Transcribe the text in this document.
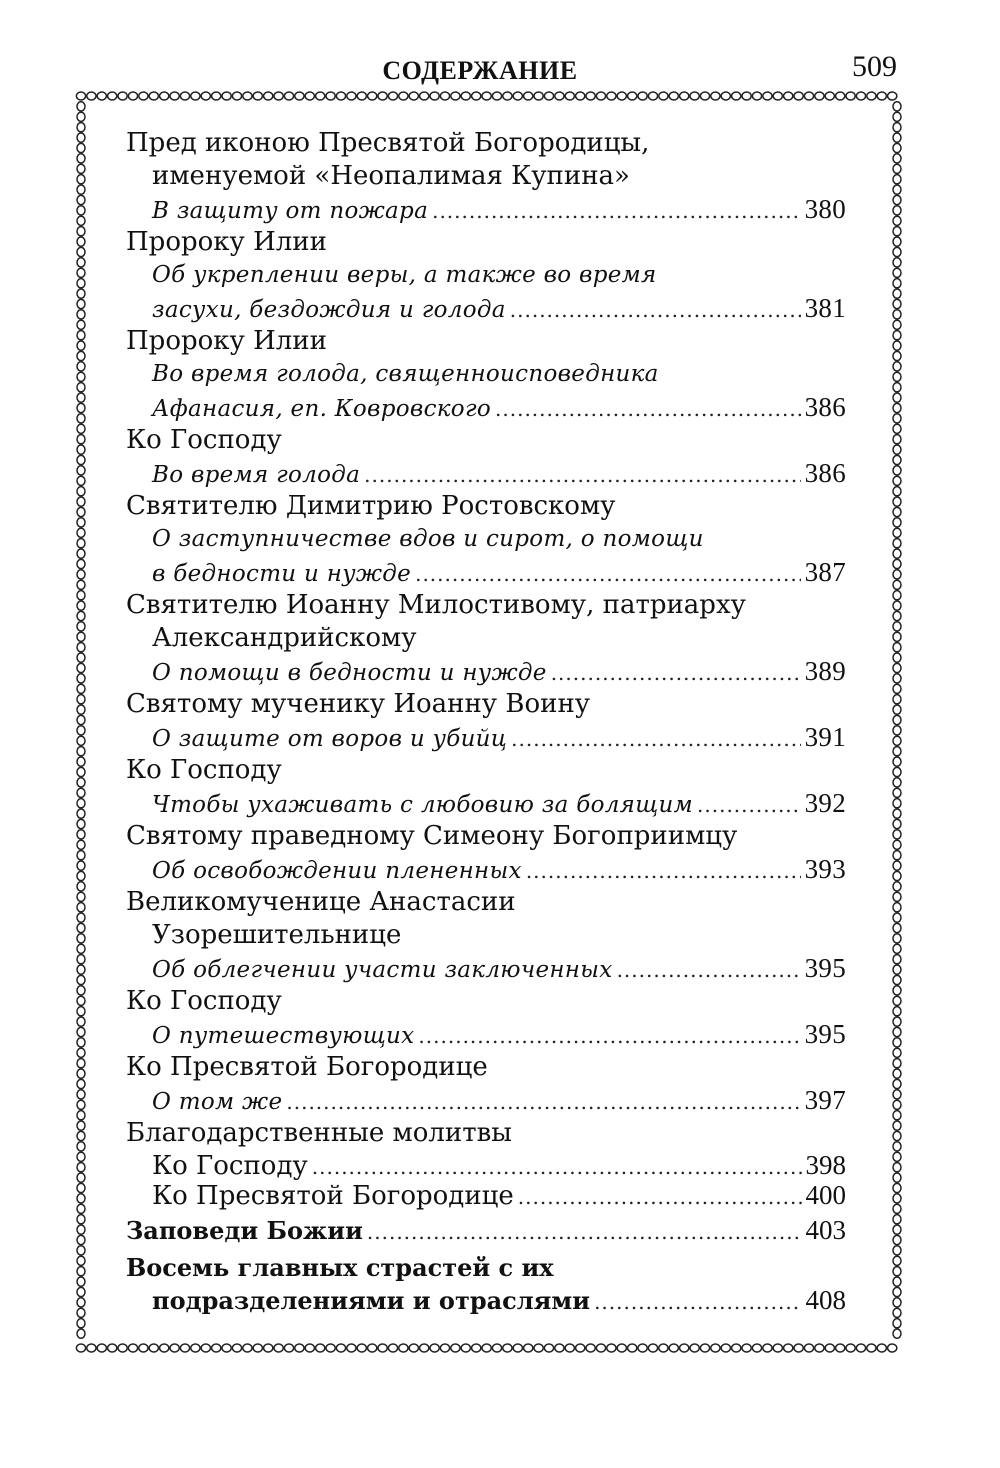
СОДЕРЖАНИЕ	509
Пред иконою Пресвятой Богородицы,
именуемой «Неопалимая Купина»
В защиту от пожара .....	380
Пророку Илии
Об укреплении веры, а также во время
засухи, бездождия и голода .....	381
Пророку Илии
Во время голода, священноисповедника
Афанасия, еп. Ковровского .....	386
Ко Господу
Во время голода .....	386
Святителю Димитрию Ростовскому
О заступничестве вдов и сирот, о помощи
в бедности и нужде .....	387
Святителю Иоанну Милостивому, патриарху
Александрийскому
О помощи в бедности и нужде .....	389
Святому мученику Иоанну Воину
О защите от воров и убийц .....	391
Ко Господу
Чтобы ухаживать с любовию за болящим .....	392
Святому праведному Симеону Богоприимцу
Об освобождении плененных .....	393
Великомученице Анастасии
Узорешительнице
Об облегчении участи заключенных .....	395
Ко Господу
О путешествующих .....	395
Ко Пресвятой Богородице
О том же .....	397
Благодарственные молитвы
Ко Господу .....	398
Ко Пресвятой Богородице .....	400
Заповеди Божии .....	403
Восемь главных страстей с их
подразделениями и отраслями .....	408
